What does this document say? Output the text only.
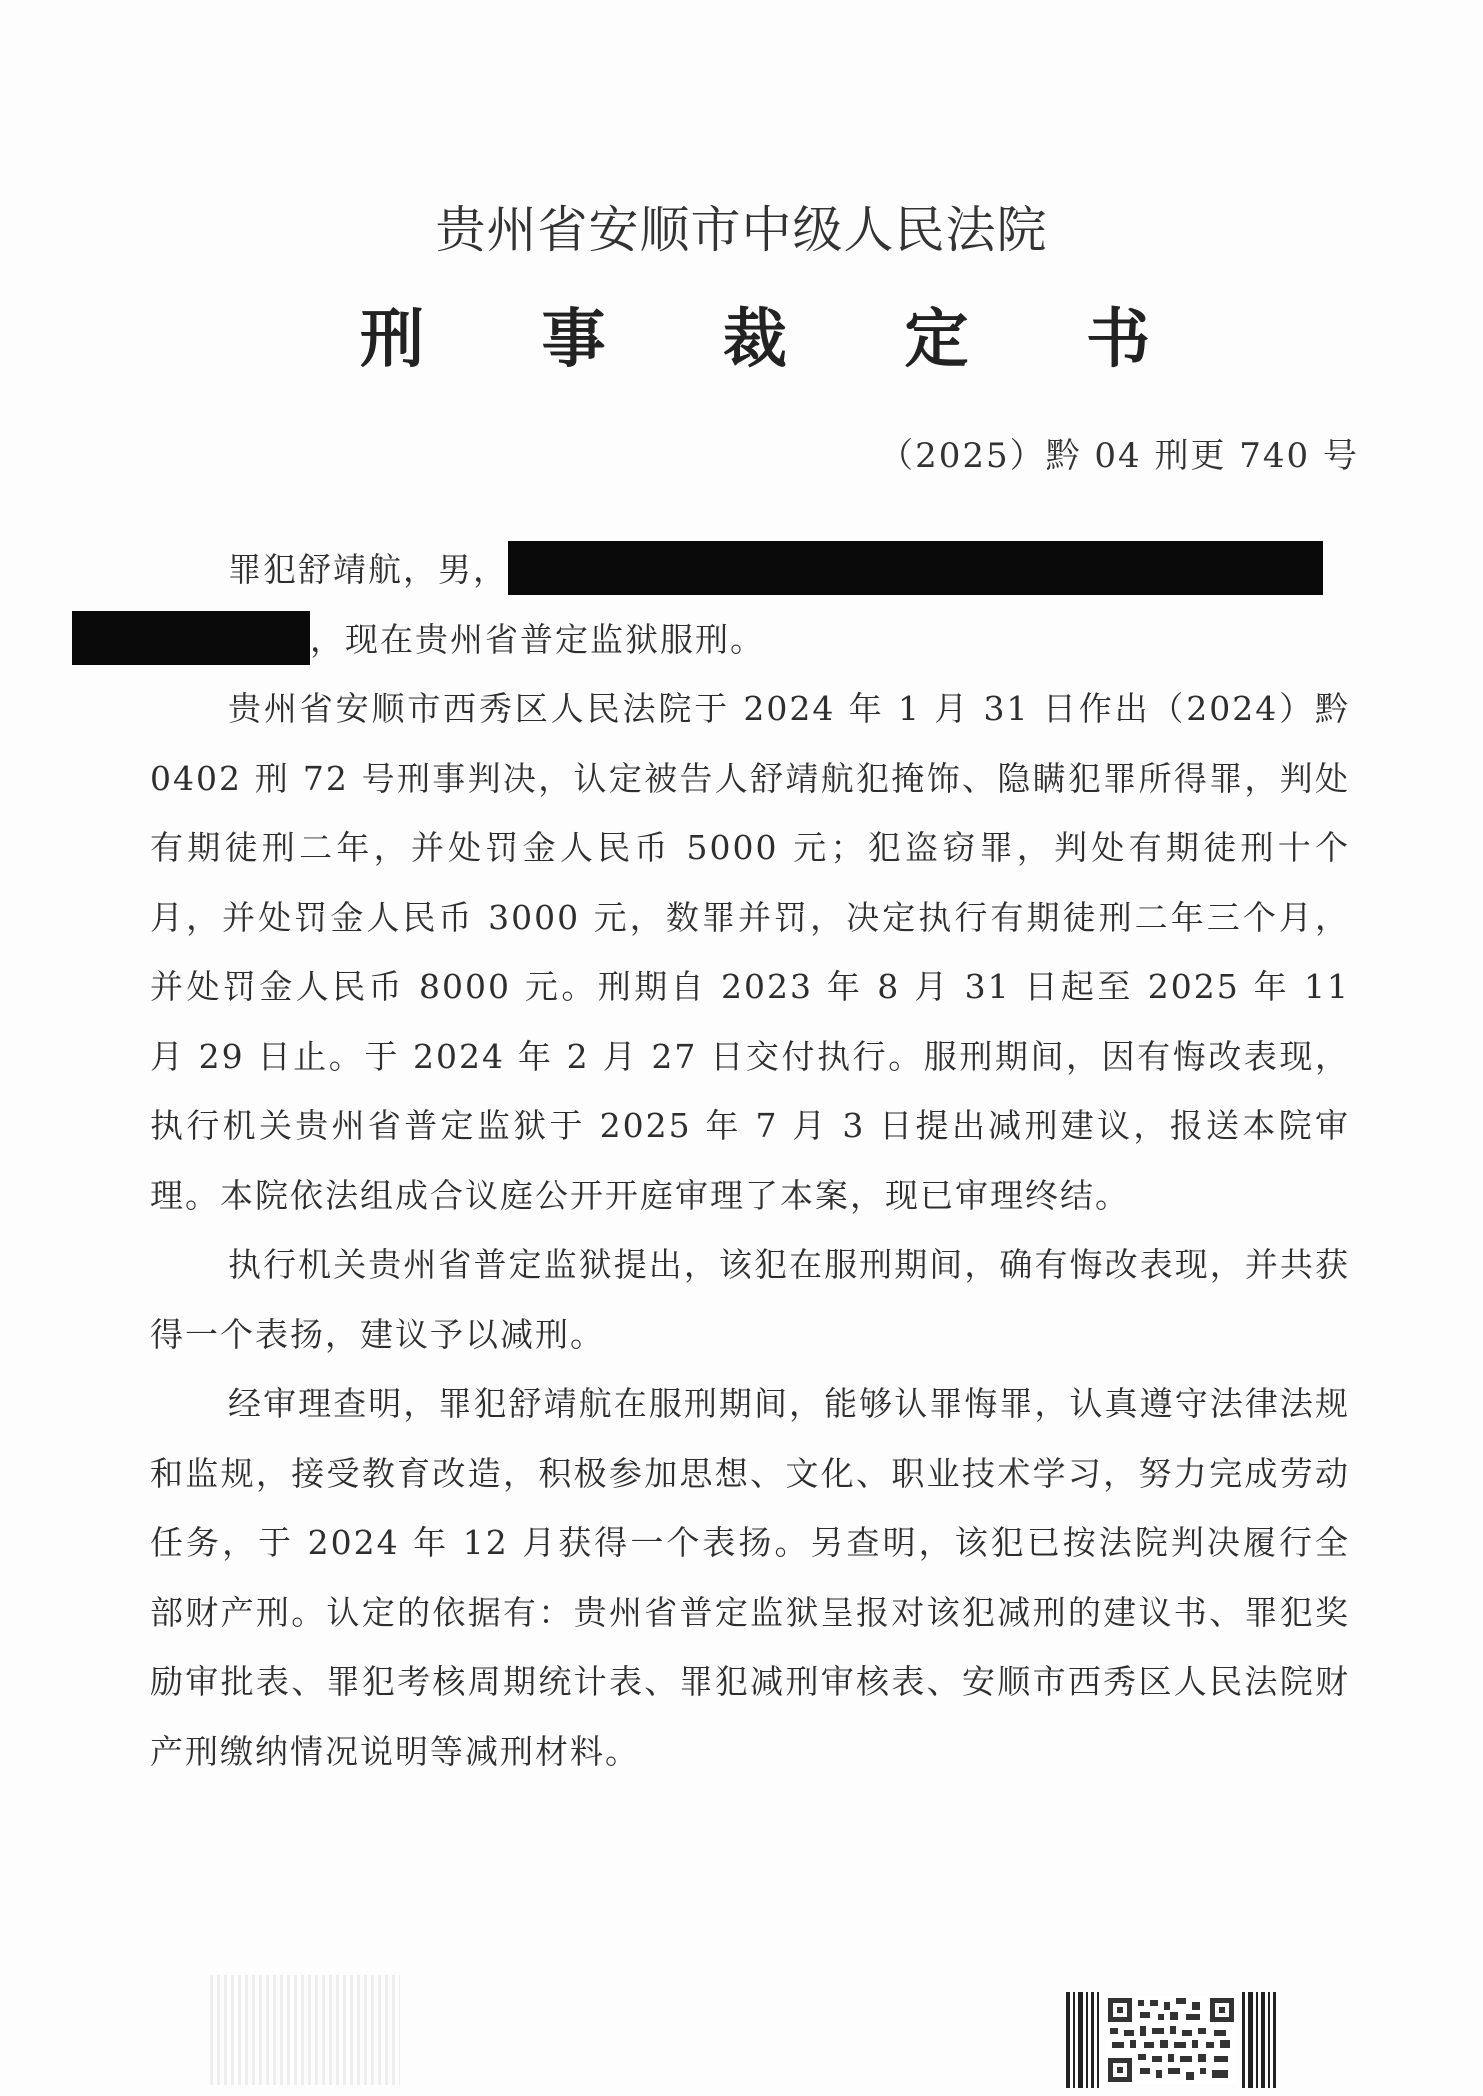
贵州省安顺市中级人民法院
刑 事 裁 定 书
（2025）黔 04 刑更 740 号

罪犯舒靖航，男，
，现在贵州省普定监狱服刑。

贵州省安顺市西秀区人民法院于 2024 年 1 月 31 日作出（2024）黔 0402 刑 72 号刑事判决，认定被告人舒靖航犯掩饰、隐瞒犯罪所得罪，判处有期徒刑二年，并处罚金人民币 5000 元；犯盗窃罪，判处有期徒刑十个月，并处罚金人民币 3000 元，数罪并罚，决定执行有期徒刑二年三个月，并处罚金人民币 8000 元。刑期自 2023 年 8 月 31 日起至 2025 年 11 月 29 日止。于 2024 年 2 月 27 日交付执行。服刑期间，因有悔改表现，执行机关贵州省普定监狱于 2025 年 7 月 3 日提出减刑建议，报送本院审理。本院依法组成合议庭公开开庭审理了本案，现已审理终结。

执行机关贵州省普定监狱提出，该犯在服刑期间，确有悔改表现，并共获得一个表扬，建议予以减刑。

经审理查明，罪犯舒靖航在服刑期间，能够认罪悔罪，认真遵守法律法规和监规，接受教育改造，积极参加思想、文化、职业技术学习，努力完成劳动任务，于 2024 年 12 月获得一个表扬。另查明，该犯已按法院判决履行全部财产刑。认定的依据有：贵州省普定监狱呈报对该犯减刑的建议书、罪犯奖励审批表、罪犯考核周期统计表、罪犯减刑审核表、安顺市西秀区人民法院财产刑缴纳情况说明等减刑材料。
